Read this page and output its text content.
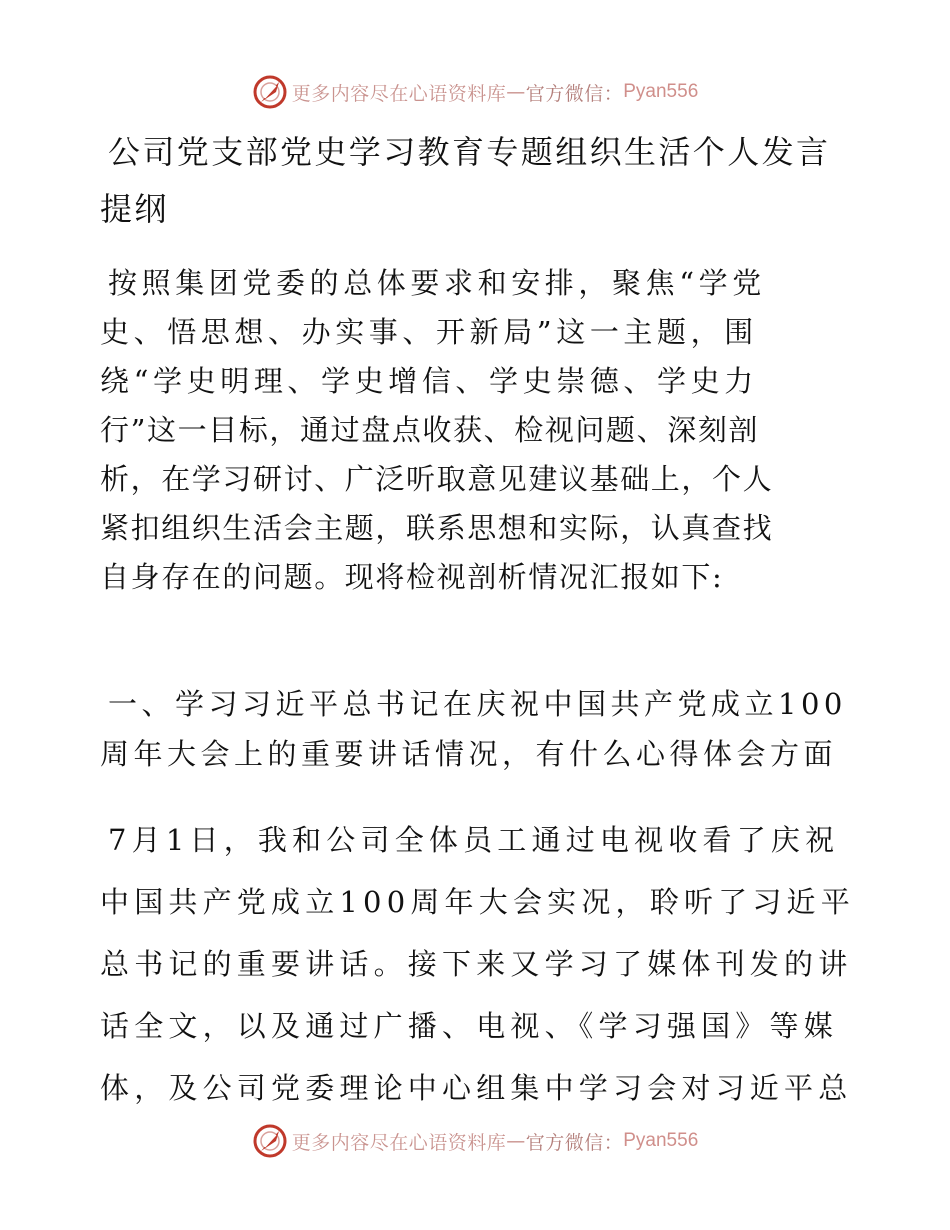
更多内容尽在心语资料库 — 官方微信： Pyan556
公司党支部党史学习教育专题组织生活个人发言
提纲

按照集团党委的总体要求和安排，聚焦“学党
史、悟思想、办实事、开新局”这一主题，围
绕“学史明理、学史增信、学史崇德、学史力
行”这一目标，通过盘点收获、检视问题、深刻剖
析，在学习研讨、广泛听取意见建议基础上，个人
紧扣组织生活会主题，联系思想和实际，认真查找
自身存在的问题。现将检视剖析情况汇报如下:

一、学习习近平总书记在庆祝中国共产党成立100
周年大会上的重要讲话情况，有什么心得体会方面

7月1日，我和公司全体员工通过电视收看了庆祝
中国共产党成立100周年大会实况，聆听了习近平
总书记的重要讲话。接下来又学习了媒体刊发的讲
话全文，以及通过广播、电视、《学习强国》等媒
体，及公司党委理论中心组集中学习会对习近平总

更多内容尽在心语资料库 — 官方微信： Pyan556
